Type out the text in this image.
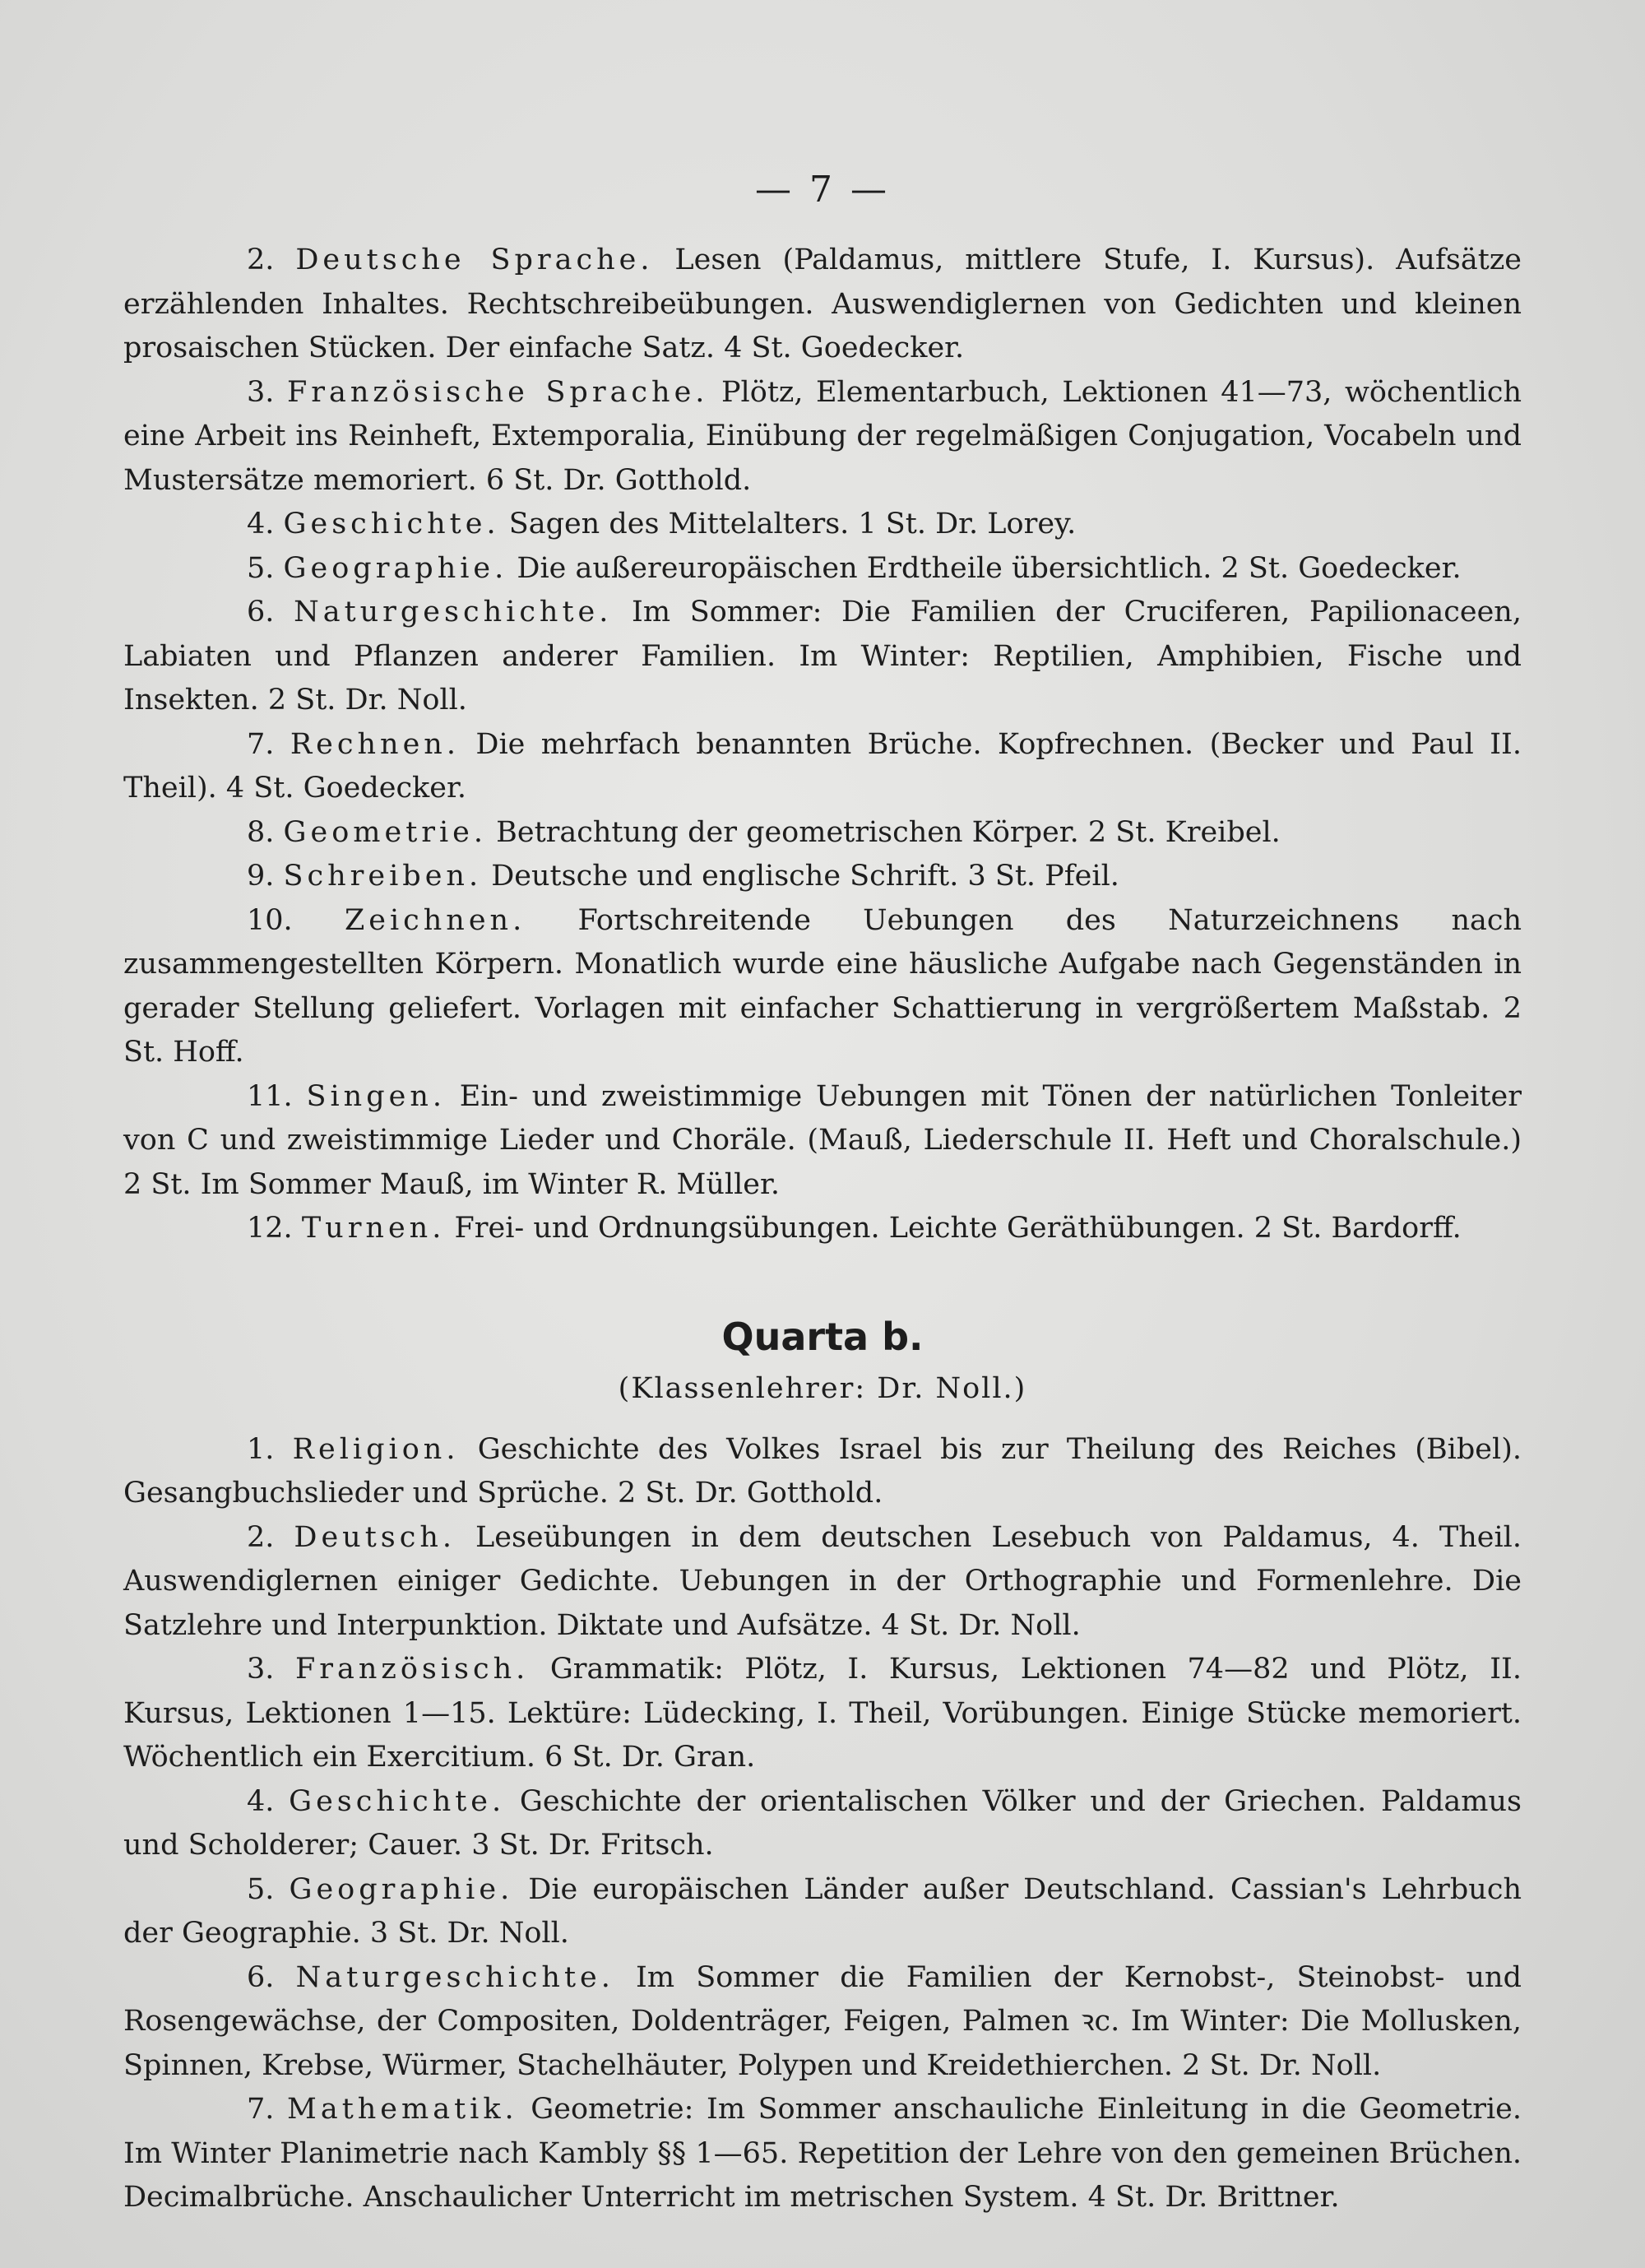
— 7 —

2. Deutsche Sprache. Lesen (Paldamus, mittlere Stufe, I. Kursus). Aufsätze erzählenden Inhaltes. Rechtschreibeübungen. Auswendiglernen von Gedichten und kleinen prosaischen Stücken. Der einfache Satz. 4 St. Goedecker.

3. Französische Sprache. Plötz, Elementarbuch, Lektionen 41—73, wöchentlich eine Arbeit ins Reinheft, Extemporalia, Einübung der regelmäßigen Conjugation, Vocabeln und Mustersätze memoriert. 6 St. Dr. Gotthold.

4. Geschichte. Sagen des Mittelalters. 1 St. Dr. Lorey.

5. Geographie. Die außereuropäischen Erdtheile übersichtlich. 2 St. Goedecker.

6. Naturgeschichte. Im Sommer: Die Familien der Cruciferen, Papilionaceen, Labiaten und Pflanzen anderer Familien. Im Winter: Reptilien, Amphibien, Fische und Insekten. 2 St. Dr. Noll.

7. Rechnen. Die mehrfach benannten Brüche. Kopfrechnen. (Becker und Paul II. Theil). 4 St. Goedecker.

8. Geometrie. Betrachtung der geometrischen Körper. 2 St. Kreibel.

9. Schreiben. Deutsche und englische Schrift. 3 St. Pfeil.

10. Zeichnen. Fortschreitende Uebungen des Naturzeichnens nach zusammengestellten Körpern. Monatlich wurde eine häusliche Aufgabe nach Gegenständen in gerader Stellung geliefert. Vorlagen mit einfacher Schattierung in vergrößertem Maßstab. 2 St. Hoff.

11. Singen. Ein- und zweistimmige Uebungen mit Tönen der natürlichen Tonleiter von C und zweistimmige Lieder und Choräle. (Mauß, Liederschule II. Heft und Choralschule.) 2 St. Im Sommer Mauß, im Winter R. Müller.

12. Turnen. Frei- und Ordnungsübungen. Leichte Geräthübungen. 2 St. Bardorff.

Quarta b.
(Klassenlehrer: Dr. Noll.)

1. Religion. Geschichte des Volkes Israel bis zur Theilung des Reiches (Bibel). Gesangbuchslieder und Sprüche. 2 St. Dr. Gotthold.

2. Deutsch. Leseübungen in dem deutschen Lesebuch von Paldamus, 4. Theil. Auswendiglernen einiger Gedichte. Uebungen in der Orthographie und Formenlehre. Die Satzlehre und Interpunktion. Diktate und Aufsätze. 4 St. Dr. Noll.

3. Französisch. Grammatik: Plötz, I. Kursus, Lektionen 74—82 und Plötz, II. Kursus, Lektionen 1—15. Lektüre: Lüdecking, I. Theil, Vorübungen. Einige Stücke memoriert. Wöchentlich ein Exercitium. 6 St. Dr. Gran.

4. Geschichte. Geschichte der orientalischen Völker und der Griechen. Paldamus und Scholderer; Cauer. 3 St. Dr. Fritsch.

5. Geographie. Die europäischen Länder außer Deutschland. Cassian's Lehrbuch der Geographie. 3 St. Dr. Noll.

6. Naturgeschichte. Im Sommer die Familien der Kernobst-, Steinobst- und Rosengewächse, der Compositen, Doldenträger, Feigen, Palmen ꝛc. Im Winter: Die Mollusken, Spinnen, Krebse, Würmer, Stachelhäuter, Polypen und Kreidethierchen. 2 St. Dr. Noll.

7. Mathematik. Geometrie: Im Sommer anschauliche Einleitung in die Geometrie. Im Winter Planimetrie nach Kambly §§ 1—65. Repetition der Lehre von den gemeinen Brüchen. Decimalbrüche. Anschaulicher Unterricht im metrischen System. 4 St. Dr. Brittner.
